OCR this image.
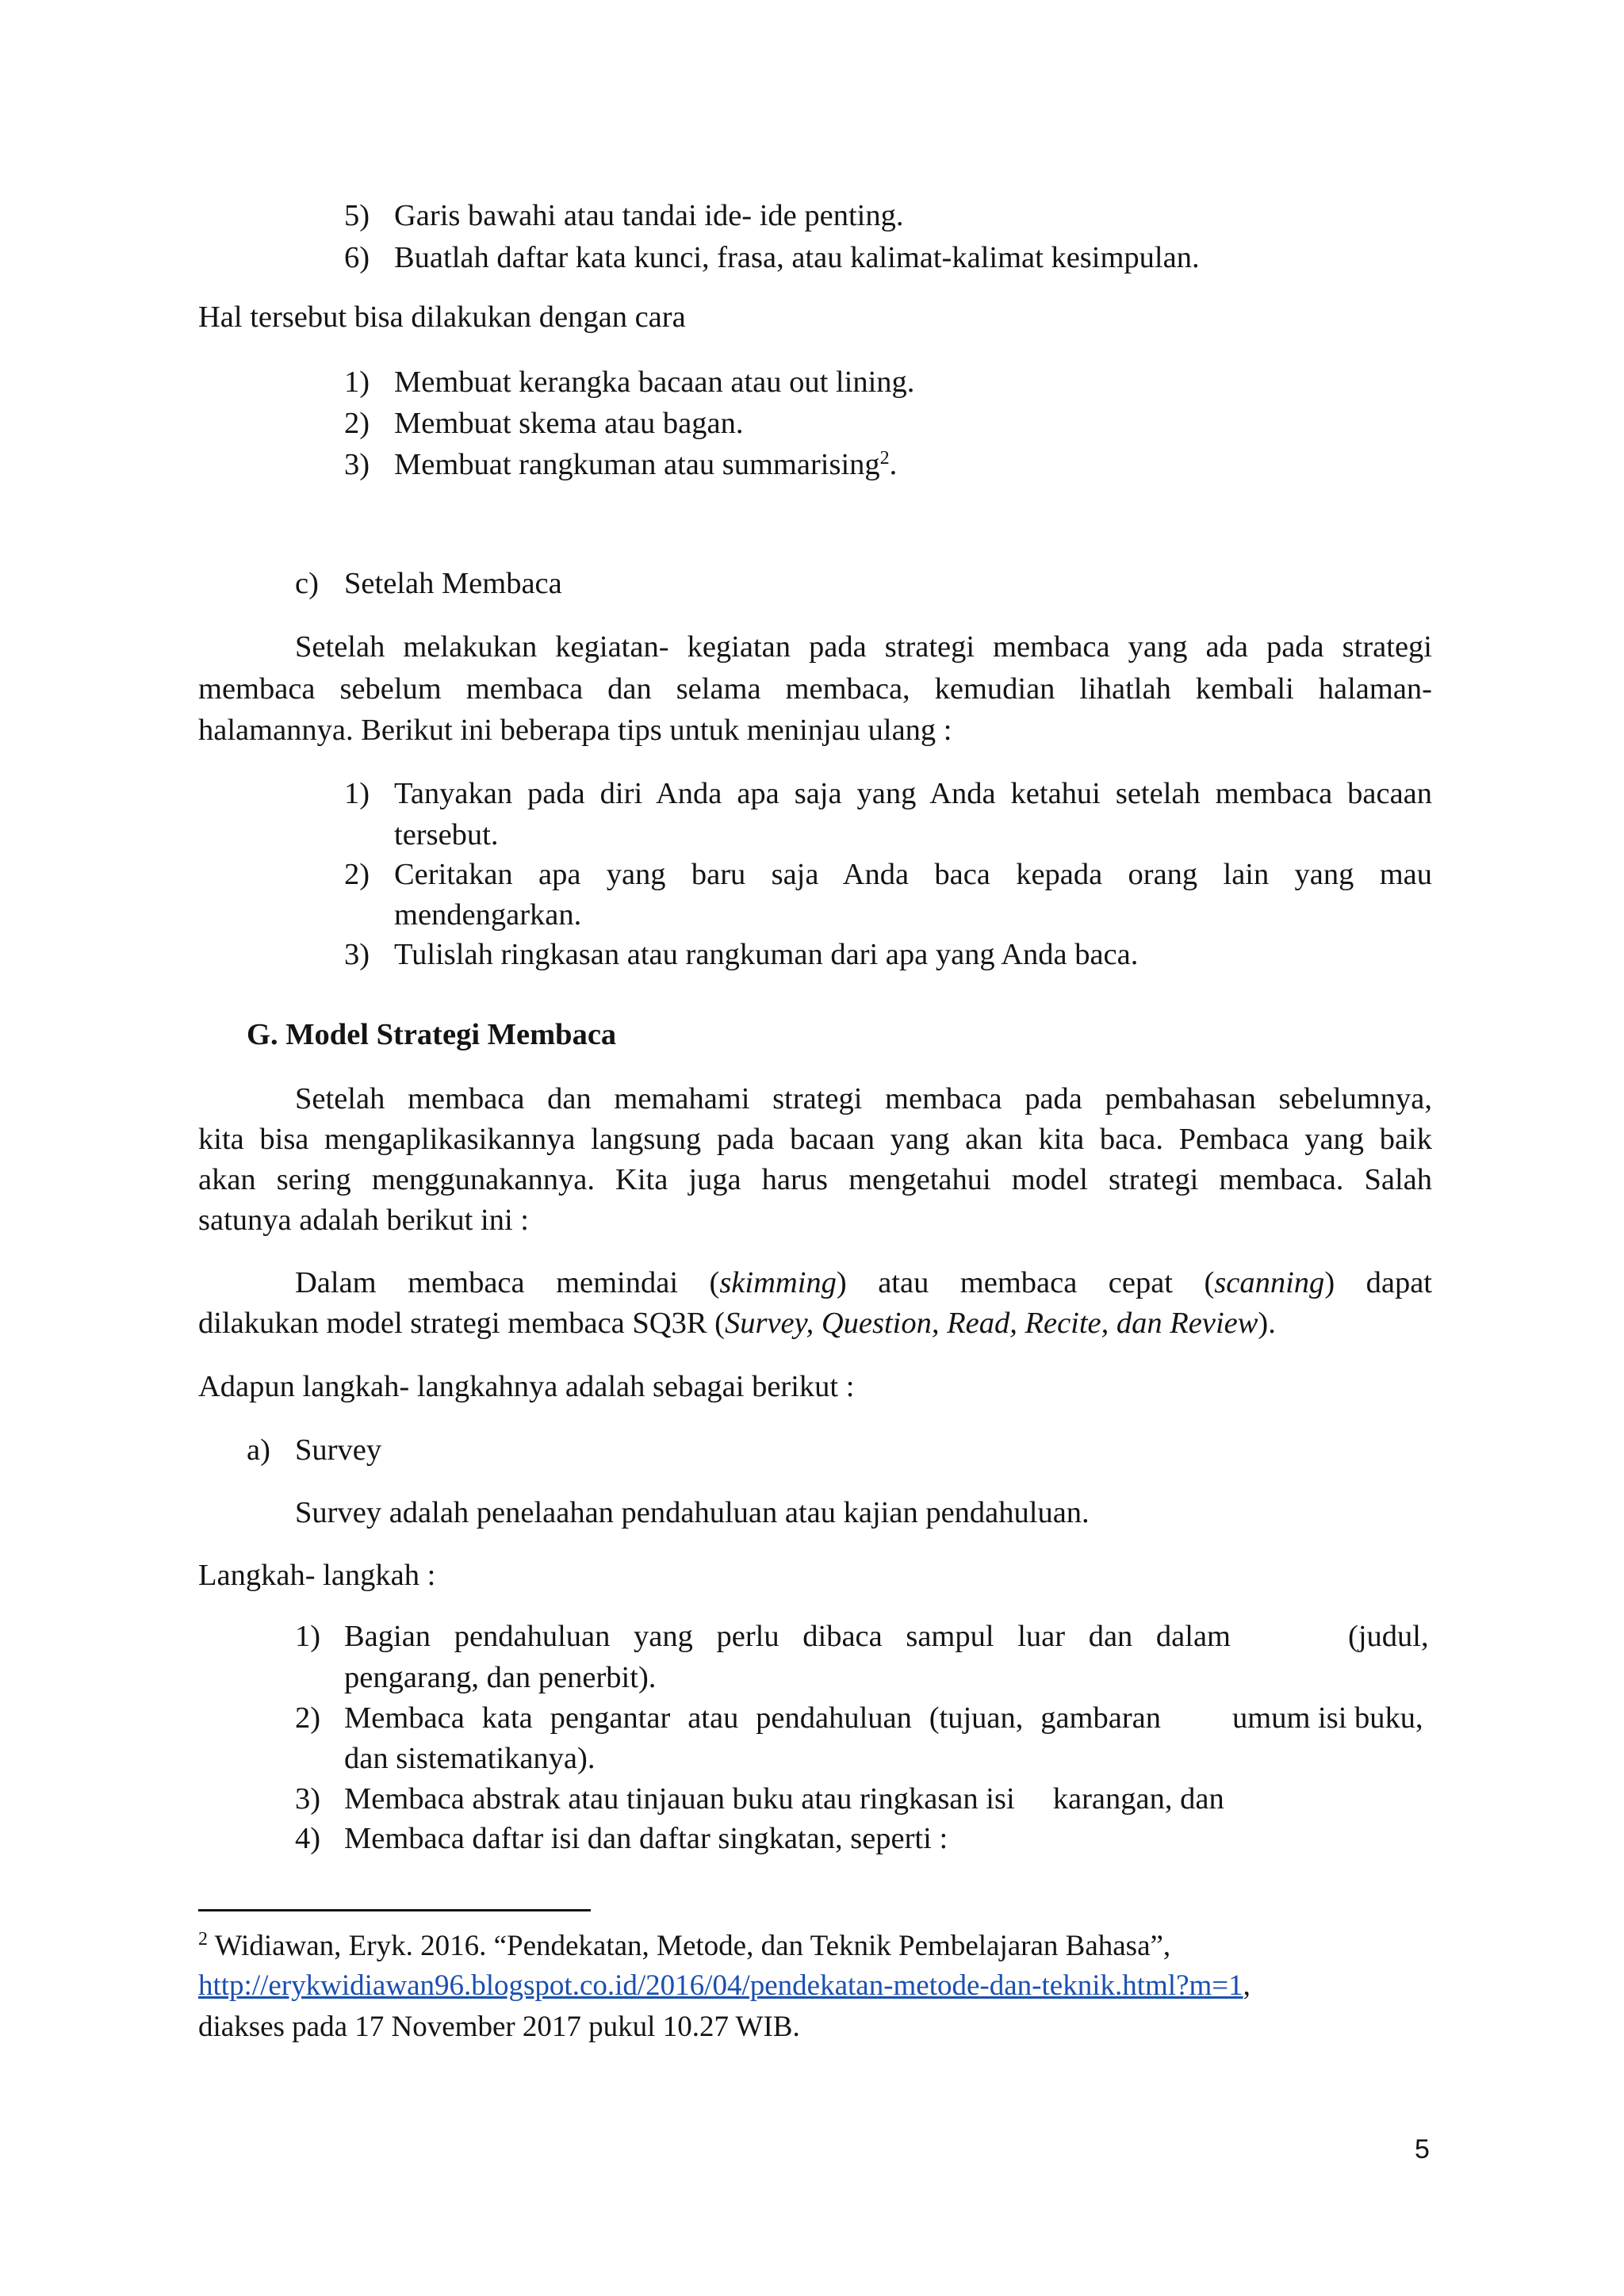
5) Garis bawahi atau tandai ide- ide penting.
6) Buatlah daftar kata kunci, frasa, atau kalimat-kalimat kesimpulan.
Hal tersebut bisa dilakukan dengan cara
1) Membuat kerangka bacaan atau out lining.
2) Membuat skema atau bagan.
3) Membuat rangkuman atau summarising$^2$.
c) Setelah Membaca
Setelah melakukan kegiatan- kegiatan pada strategi membaca yang ada pada strategi
membaca sebelum membaca dan selama membaca, kemudian lihatlah kembali halaman-
halamannya. Berikut ini beberapa tips untuk meninjau ulang :
1) Tanyakan pada diri Anda apa saja yang Anda ketahui setelah membaca bacaan
tersebut.
2) Ceritakan apa yang baru saja Anda baca kepada orang lain yang mau
mendengarkan.
3) Tulislah ringkasan atau rangkuman dari apa yang Anda baca.
G. Model Strategi Membaca
Setelah membaca dan memahami strategi membaca pada pembahasan sebelumnya,
kita bisa mengaplikasikannya langsung pada bacaan yang akan kita baca. Pembaca yang baik
akan sering menggunakannya. Kita juga harus mengetahui model strategi membaca. Salah
satunya adalah berikut ini :
Dalam membaca memindai (skimming) atau membaca cepat (scanning) dapat
dilakukan model strategi membaca SQ3R (Survey, Question, Read, Recite, dan Review).
Adapun langkah- langkahnya adalah sebagai berikut :
a) Survey
Survey adalah penelaahan pendahuluan atau kajian pendahuluan.
Langkah- langkah :
1) Bagian pendahuluan yang perlu dibaca sampul luar dan dalam	(judul,
pengarang, dan penerbit).
2) Membaca kata pengantar atau pendahuluan (tujuan, gambaran umum isi buku,
dan sistematikanya).
3) Membaca abstrak atau tinjauan buku atau ringkasan isi     karangan, dan
4) Membaca daftar isi dan daftar singkatan, seperti :
$^2$ Widiawan, Eryk. 2016. “Pendekatan, Metode, dan Teknik Pembelajaran Bahasa”,
http://erykwidiawan96.blogspot.co.id/2016/04/pendekatan-metode-dan-teknik.html?m=1,
diakses pada 17 November 2017 pukul 10.27 WIB.
5
